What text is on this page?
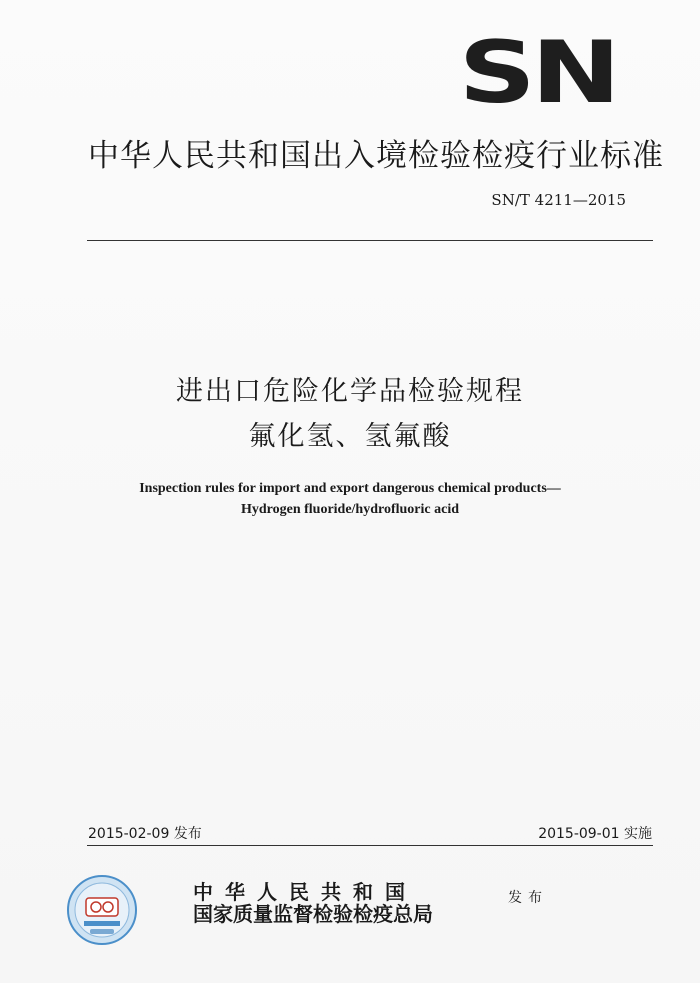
SN
中华人民共和国出入境检验检疫行业标准
SN/T 4211—2015
进出口危险化学品检验规程
氟化氢、氢氟酸
Inspection rules for import and export dangerous chemical products—
Hydrogen fluoride/hydrofluoric acid
2015-02-09 发布	2015-09-01 实施
中华人民共和国
国家质量监督检验检疫总局
发布
